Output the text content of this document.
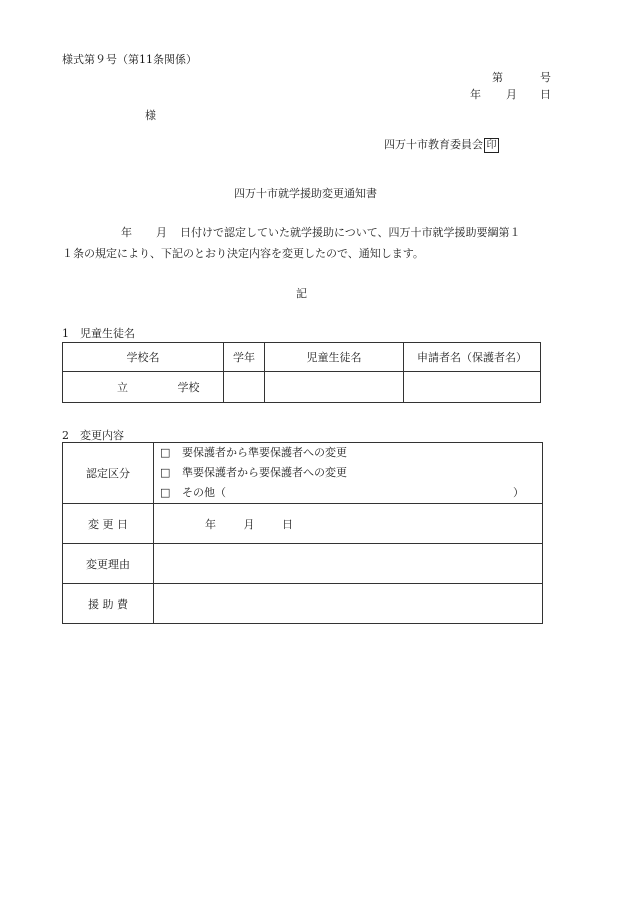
様式第９号（第11条関係）
第	号
年 月 日
様
四万十市教育委員会 印
四万十市就学援助変更通知書
年 月 日付けで認定していた就学援助について、四万十市就学援助要綱第１
１条の規定により、下記のとおり決定内容を変更したので、通知します。
記
1　児童生徒名
学校名	学年	児童生徒名	申請者名（保護者名）
立 学校			
2　変更内容
認定区分	□　 要保護者から準要保護者への変更
□　 準要保護者から要保護者への変更
□　 その他（ ）

変 更 日	年 月 日
変更理由	
援 助 費	
